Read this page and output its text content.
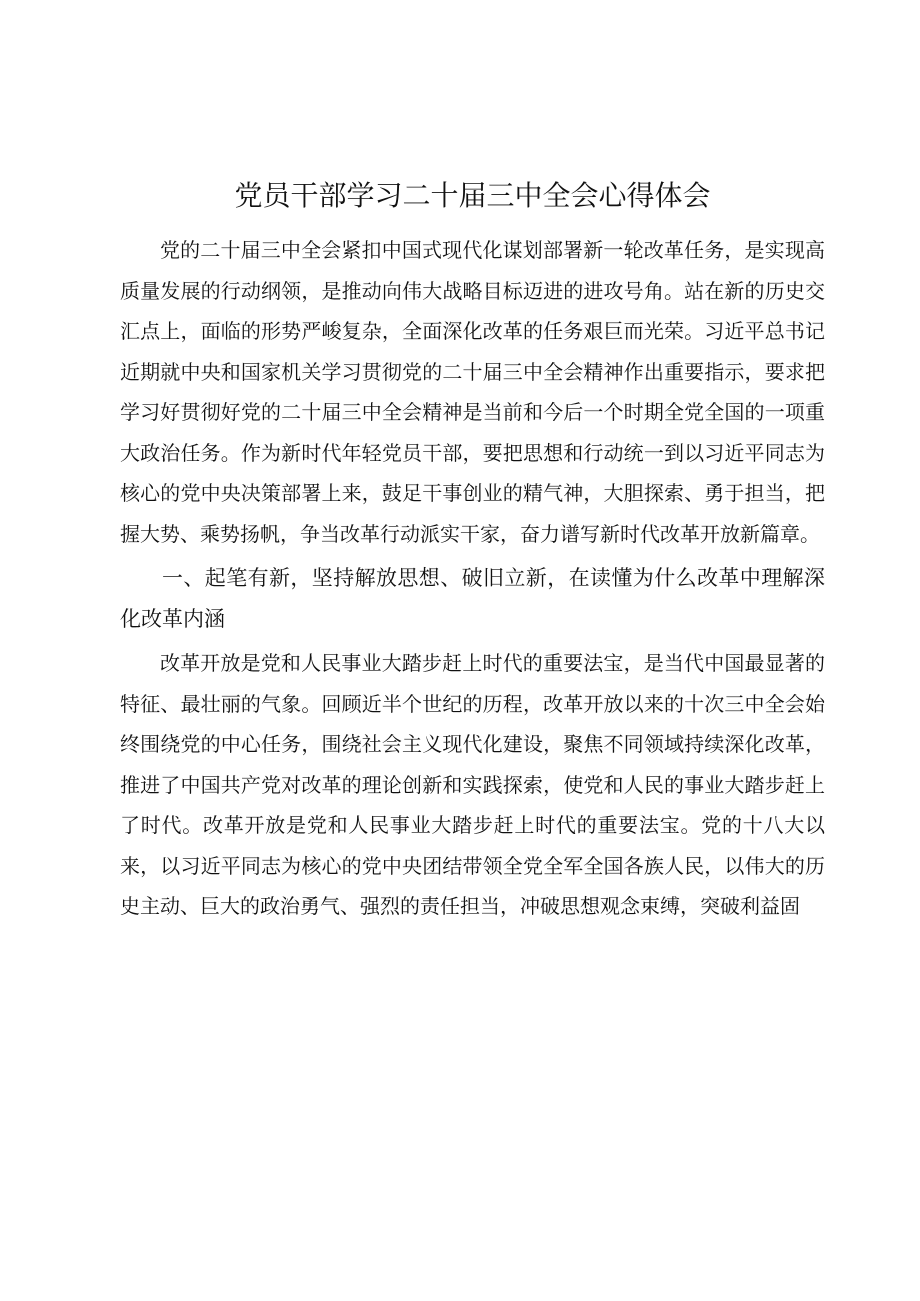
党员干部学习二十届三中全会心得体会

党的二十届三中全会紧扣中国式现代化谋划部署新一轮改革任务，是实现高质量发展的行动纲领，是推动向伟大战略目标迈进的进攻号角。站在新的历史交汇点上，面临的形势严峻复杂，全面深化改革的任务艰巨而光荣。习近平总书记近期就中央和国家机关学习贯彻党的二十届三中全会精神作出重要指示，要求把学习好贯彻好党的二十届三中全会精神是当前和今后一个时期全党全国的一项重大政治任务。作为新时代年轻党员干部，要把思想和行动统一到以习近平同志为核心的党中央决策部署上来，鼓足干事创业的精气神，大胆探索、勇于担当，把握大势、乘势扬帆，争当改革行动派实干家，奋力谱写新时代改革开放新篇章。

一、起笔有新，坚持解放思想、破旧立新，在读懂为什么改革中理解深化改革内涵

改革开放是党和人民事业大踏步赶上时代的重要法宝，是当代中国最显著的特征、最壮丽的气象。回顾近半个世纪的历程，改革开放以来的十次三中全会始终围绕党的中心任务，围绕社会主义现代化建设，聚焦不同领域持续深化改革，推进了中国共产党对改革的理论创新和实践探索，使党和人民的事业大踏步赶上了时代。改革开放是党和人民事业大踏步赶上时代的重要法宝。党的十八大以来，以习近平同志为核心的党中央团结带领全党全军全国各族人民，以伟大的历史主动、巨大的政治勇气、强烈的责任担当，冲破思想观念束缚，突破利益固
